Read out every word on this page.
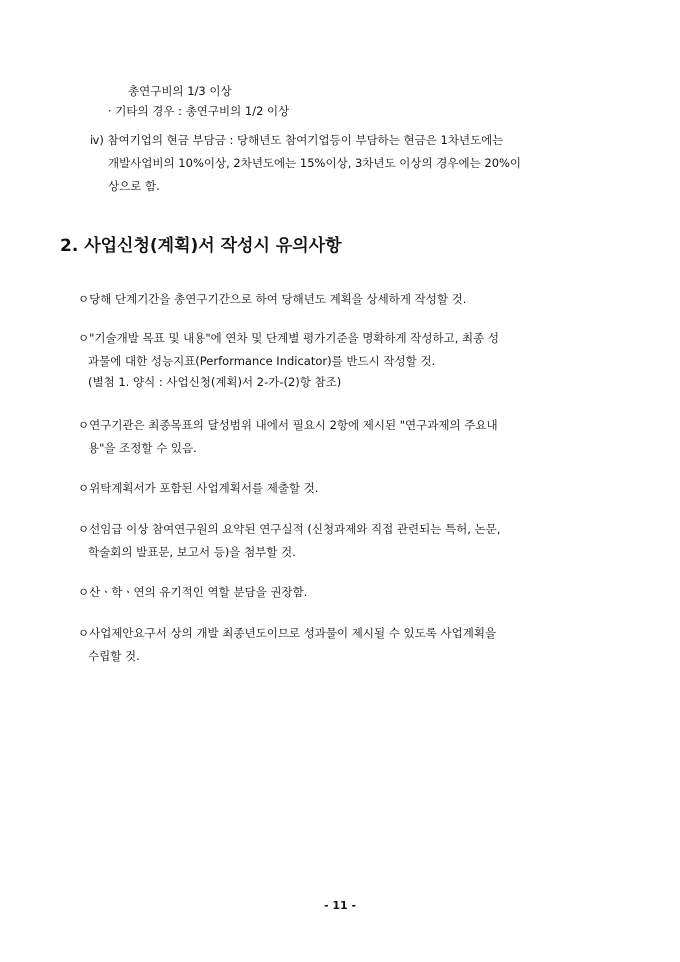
총연구비의 1/3 이상
· 기타의 경우 : 총연구비의 1/2 이상
ⅳ) 참여기업의 현금 부담금 : 당해년도 참여기업등이 부담하는 현금은 1차년도에는
개발사업비의 10%이상, 2차년도에는 15%이상, 3차년도 이상의 경우에는 20%이
상으로 함.
2. 사업신청(계획)서 작성시 유의사항
ㅇ당해 단계기간을 총연구기간으로 하여 당해년도 계획을 상세하게 작성할 것.
ㅇ"기술개발 목표 및 내용"에 연차 및 단계별 평가기준을 명확하게 작성하고, 최종 성
과물에 대한 성능지표(Performance Indicator)를 반드시 작성할 것.
(별첨 1. 양식 : 사업신청(계획)서 2-가-(2)항 참조)
ㅇ연구기관은 최종목표의 달성범위 내에서 필요시 2항에 제시된 "연구과제의 주요내
용"을 조정할 수 있음.
ㅇ위탁계획서가 포함된 사업계획서를 제출할 것.
ㅇ선임급 이상 참여연구원의 요약된 연구실적 (신청과제와 직접 관련되는 특허, 논문,
학술회의 발표문, 보고서 등)을 첨부할 것.
ㅇ산ㆍ학ㆍ연의 유기적인 역할 분담을 권장함.
ㅇ사업제안요구서 상의 개발 최종년도이므로 성과물이 제시될 수 있도록 사업계획을
수립할 것.
- 11 -
